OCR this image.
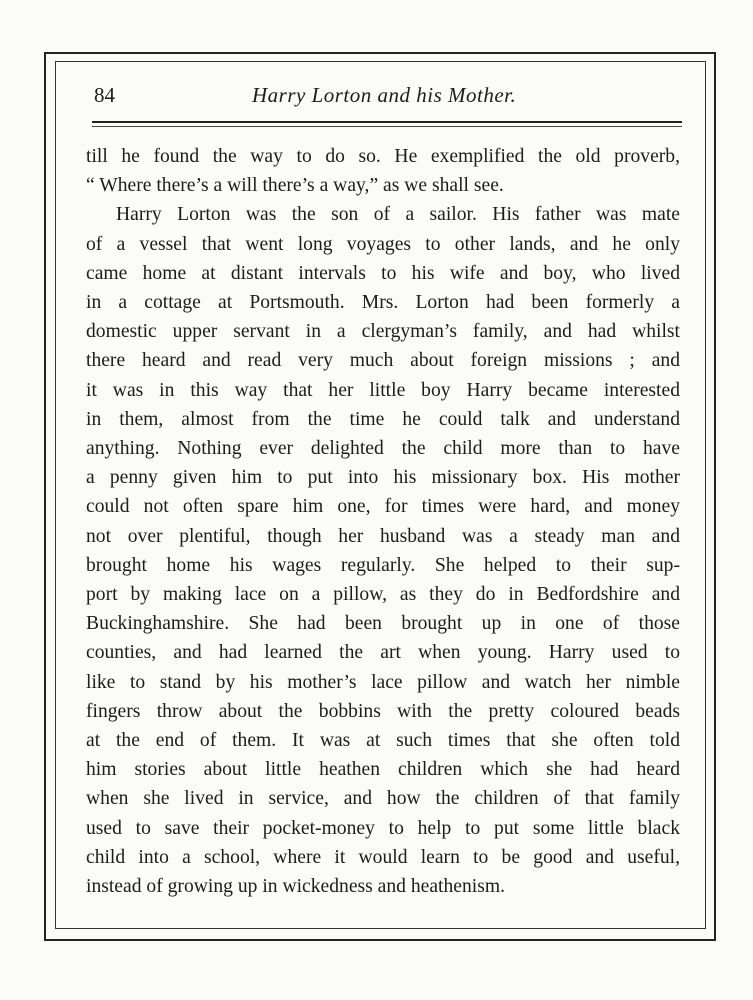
84	Harry Lorton and his Mother.
till he found the way to do so. He exemplified the old proverb,
“ Where there’s a will there’s a way,” as we shall see.
Harry Lorton was the son of a sailor. His father was mate
of a vessel that went long voyages to other lands, and he only
came home at distant intervals to his wife and boy, who lived
in a cottage at Portsmouth. Mrs. Lorton had been formerly a
domestic upper servant in a clergyman’s family, and had whilst
there heard and read very much about foreign missions ; and
it was in this way that her little boy Harry became interested
in them, almost from the time he could talk and understand
anything. Nothing ever delighted the child more than to have
a penny given him to put into his missionary box. His mother
could not often spare him one, for times were hard, and money
not over plentiful, though her husband was a steady man and
brought home his wages regularly. She helped to their sup-
port by making lace on a pillow, as they do in Bedfordshire and
Buckinghamshire. She had been brought up in one of those
counties, and had learned the art when young. Harry used to
like to stand by his mother’s lace pillow and watch her nimble
fingers throw about the bobbins with the pretty coloured beads
at the end of them. It was at such times that she often told
him stories about little heathen children which she had heard
when she lived in service, and how the children of that family
used to save their pocket-money to help to put some little black
child into a school, where it would learn to be good and useful,
instead of growing up in wickedness and heathenism.
